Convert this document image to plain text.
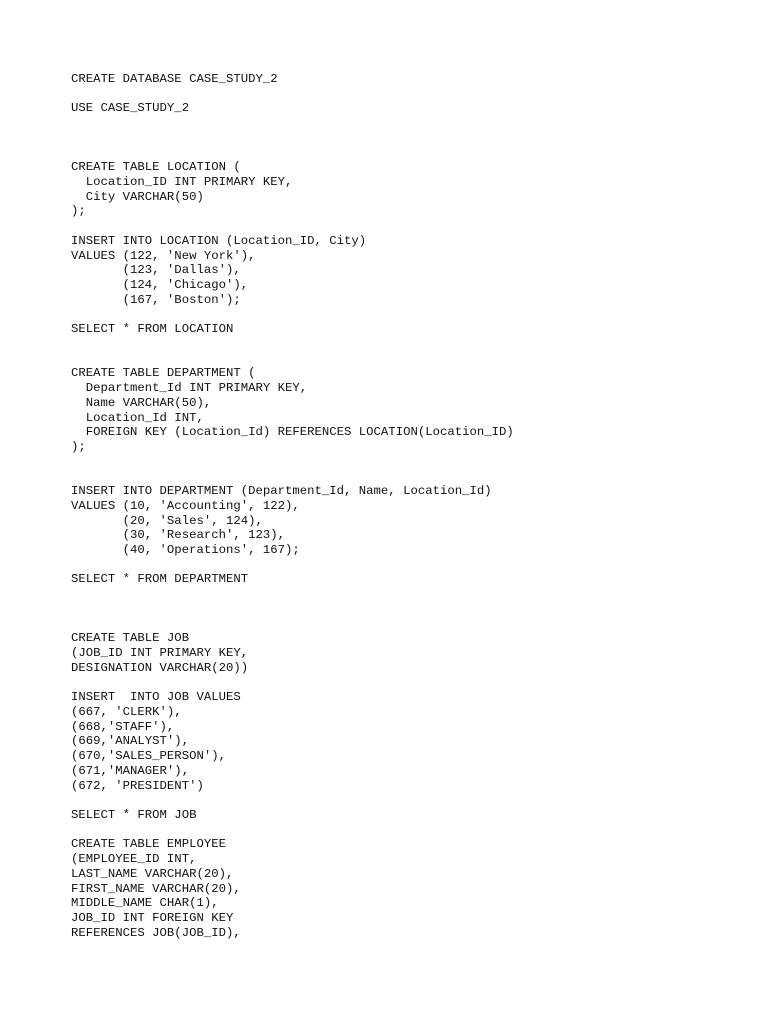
CREATE DATABASE CASE_STUDY_2
USE CASE_STUDY_2
CREATE TABLE LOCATION (
Location_ID INT PRIMARY KEY,
City VARCHAR(50)
);
INSERT INTO LOCATION (Location_ID, City)
VALUES (122, 'New York'),
(123, 'Dallas'),
(124, 'Chicago'),
(167, 'Boston');
SELECT * FROM LOCATION
CREATE TABLE DEPARTMENT (
Department_Id INT PRIMARY KEY,
Name VARCHAR(50),
Location_Id INT,
FOREIGN KEY (Location_Id) REFERENCES LOCATION(Location_ID)
);
INSERT INTO DEPARTMENT (Department_Id, Name, Location_Id)
VALUES (10, 'Accounting', 122),
(20, 'Sales', 124),
(30, 'Research', 123),
(40, 'Operations', 167);
SELECT * FROM DEPARTMENT
CREATE TABLE JOB
(JOB_ID INT PRIMARY KEY,
DESIGNATION VARCHAR(20))
INSERT  INTO JOB VALUES
(667, 'CLERK'),
(668,'STAFF'),
(669,'ANALYST'),
(670,'SALES_PERSON'),
(671,'MANAGER'),
(672, 'PRESIDENT')
SELECT * FROM JOB
CREATE TABLE EMPLOYEE
(EMPLOYEE_ID INT,
LAST_NAME VARCHAR(20),
FIRST_NAME VARCHAR(20),
MIDDLE_NAME CHAR(1),
JOB_ID INT FOREIGN KEY
REFERENCES JOB(JOB_ID),
